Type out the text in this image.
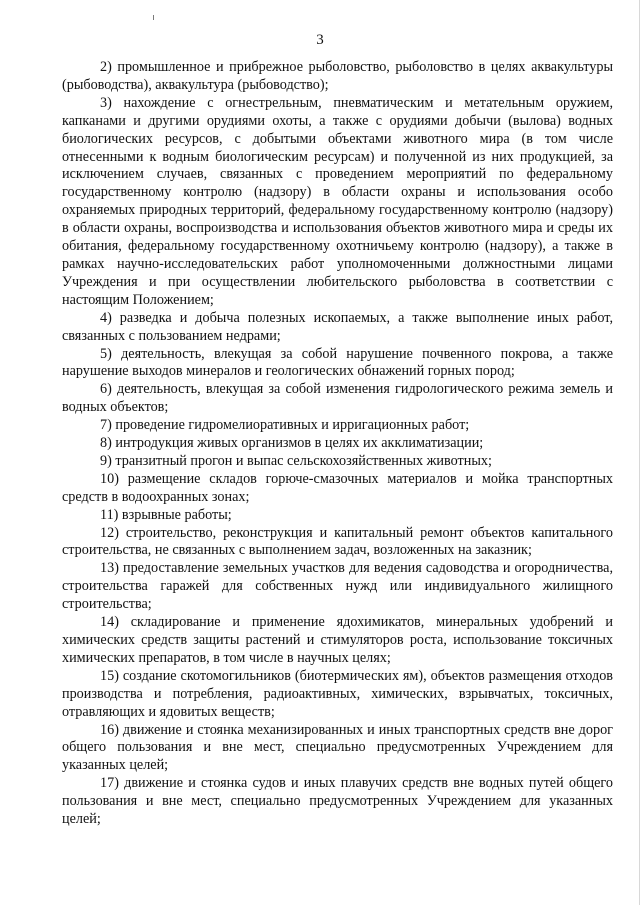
3

2) промышленное и прибрежное рыболовство, рыболовство в целях аквакультуры (рыбоводства), аквакультура (рыбоводство);

3) нахождение с огнестрельным, пневматическим и метательным оружием, капканами и другими орудиями охоты, а также с орудиями добычи (вылова) водных биологических ресурсов, с добытыми объектами животного мира (в том числе отнесенными к водным биологическим ресурсам) и полученной из них продукцией, за исключением случаев, связанных с проведением мероприятий по федеральному государственному контролю (надзору) в области охраны и использования особо охраняемых природных территорий, федеральному государственному контролю (надзору) в области охраны, воспроизводства и использования объектов животного мира и среды их обитания, федеральному государственному охотничьему контролю (надзору), а также в рамках научно-исследовательских работ уполномоченными должностными лицами Учреждения и при осуществлении любительского рыболовства в соответствии с настоящим Положением;

4) разведка и добыча полезных ископаемых, а также выполнение иных работ, связанных с пользованием недрами;

5) деятельность, влекущая за собой нарушение почвенного покрова, а также нарушение выходов минералов и геологических обнажений горных пород;

6) деятельность, влекущая за собой изменения гидрологического режима земель и водных объектов;

7) проведение гидромелиоративных и ирригационных работ;

8) интродукция живых организмов в целях их акклиматизации;

9) транзитный прогон и выпас сельскохозяйственных животных;

10) размещение складов горюче-смазочных материалов и мойка транспортных средств в водоохранных зонах;

11) взрывные работы;

12) строительство, реконструкция и капитальный ремонт объектов капитального строительства, не связанных с выполнением задач, возложенных на заказник;

13) предоставление земельных участков для ведения садоводства и огородничества, строительства гаражей для собственных нужд или индивидуального жилищного строительства;

14) складирование и применение ядохимикатов, минеральных удобрений и химических средств защиты растений и стимуляторов роста, использование токсичных химических препаратов, в том числе в научных целях;

15) создание скотомогильников (биотермических ям), объектов размещения отходов производства и потребления, радиоактивных, химических, взрывчатых, токсичных, отравляющих и ядовитых веществ;

16) движение и стоянка механизированных и иных транспортных средств вне дорог общего пользования и вне мест, специально предусмотренных Учреждением для указанных целей;

17) движение и стоянка судов и иных плавучих средств вне водных путей общего пользования и вне мест, специально предусмотренных Учреждением для указанных целей;
